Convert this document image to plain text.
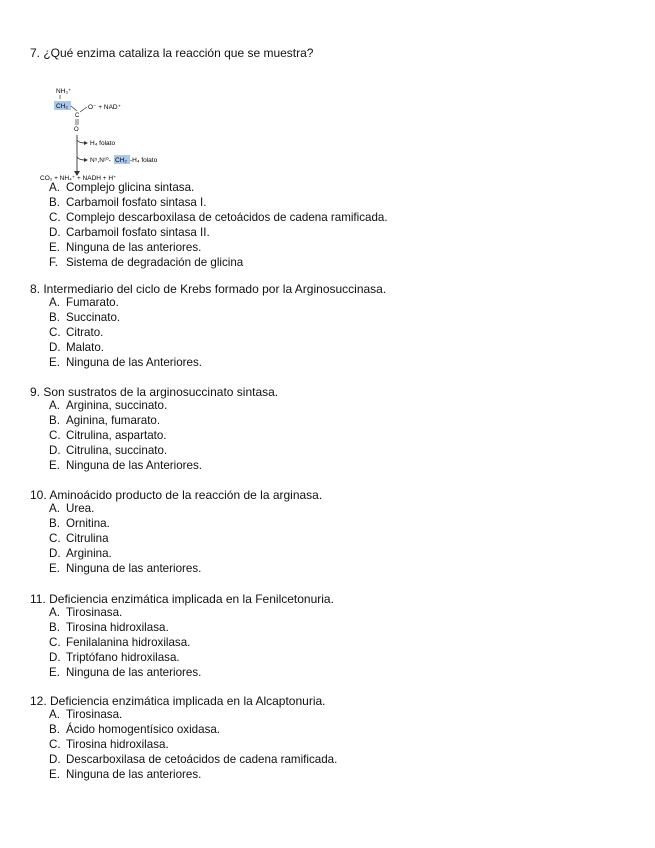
7. ¿Qué enzima cataliza la reacción que se muestra?

NH₃⁺
CH₂
C
O⁻ + NAD⁺
O
H₄ folato
N⁵,N¹⁰- CH₂ -H₄ folato
CO₂ + NH₄⁺ + NADH + H⁺
A. Complejo glicina sintasa.
B. Carbamoil fosfato sintasa I.
C. Complejo descarboxilasa de cetoácidos de cadena ramificada.
D. Carbamoil fosfato sintasa II.
E. Ninguna de las anteriores.
F. Sistema de degradación de glicina

8. Intermediario del ciclo de Krebs formado por la Arginosuccinasa.

A. Fumarato.
B. Succinato.
C. Citrato.
D. Malato.
E. Ninguna de las Anteriores.

9. Son sustratos de la arginosuccinato sintasa.

A. Arginina, succinato.
B. Aginina, fumarato.
C. Citrulina, aspartato.
D. Citrulina, succinato.
E. Ninguna de las Anteriores.

10. Aminoácido producto de la reacción de la arginasa.

A. Urea.
B. Ornitina.
C. Citrulina
D. Arginina.
E. Ninguna de las anteriores.

11. Deficiencia enzimática implicada en la Fenilcetonuria.

A. Tirosinasa.
B. Tirosina hidroxilasa.
C. Fenilalanina hidroxilasa.
D. Triptófano hidroxilasa.
E. Ninguna de las anteriores.

12. Deficiencia enzimática implicada en la Alcaptonuria.

A. Tirosinasa.
B. Ácido homogentísico oxidasa.
C. Tirosina hidroxilasa.
D. Descarboxilasa de cetoácidos de cadena ramificada.
E. Ninguna de las anteriores.
